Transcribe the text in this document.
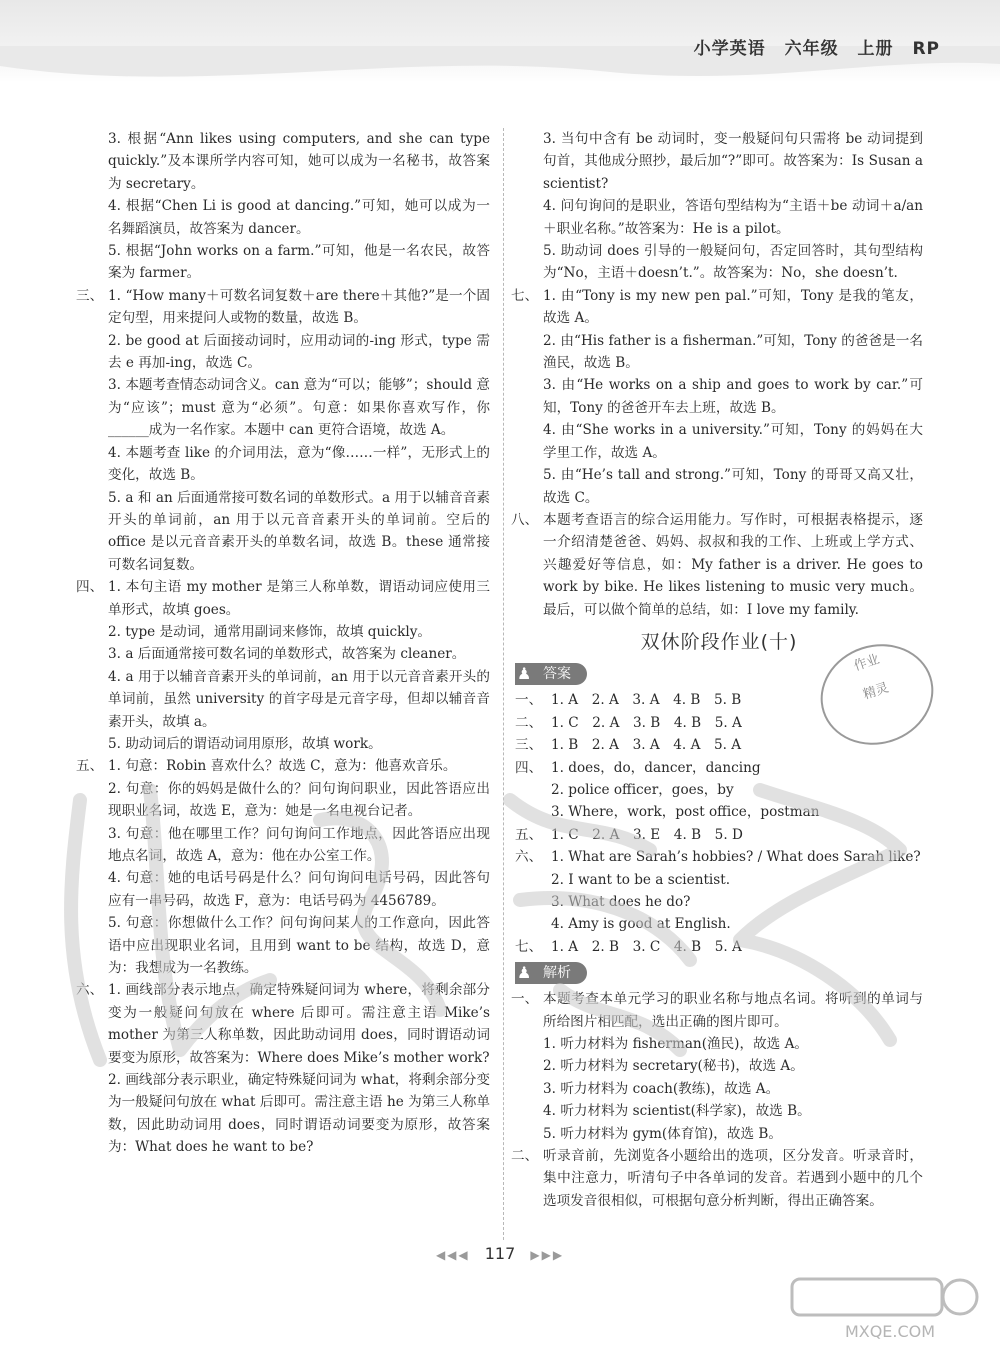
小学英语 六年级 上册 RP
3. 根据“Ann likes using computers, and she can type quickly.”及本课所学内容可知，她可以成为一名秘书，故答案为 secretary。
4. 根据“Chen Li is good at dancing.”可知，她可以成为一名舞蹈演员，故答案为 dancer。
5. 根据“John works on a farm.”可知，他是一名农民，故答案为 farmer。
三、 1. “How many＋可数名词复数＋are there＋其他?”是一个固定句型，用来提问人或物的数量，故选 B。
2. be good at 后面接动词时，应用动词的-ing 形式，type 需去 e 再加-ing，故选 C。
3. 本题考查情态动词含义。can 意为“可以；能够”；should 意为“应该”；must 意为“必须”。句意：如果你喜欢写作，你______成为一名作家。本题中 can 更符合语境，故选 A。
4. 本题考查 like 的介词用法，意为“像……一样”，无形式上的变化，故选 B。
5. a 和 an 后面通常接可数名词的单数形式。a 用于以辅音音素开头的单词前，an 用于以元音音素开头的单词前。空后的 office 是以元音音素开头的单数名词，故选 B。these 通常接可数名词复数。
四、 1. 本句主语 my mother 是第三人称单数，谓语动词应使用三单形式，故填 goes。
2. type 是动词，通常用副词来修饰，故填 quickly。
3. a 后面通常接可数名词的单数形式，故答案为 cleaner。
4. a 用于以辅音音素开头的单词前，an 用于以元音音素开头的单词前，虽然 university 的首字母是元音字母，但却以辅音音素开头，故填 a。
5. 助动词后的谓语动词用原形，故填 work。
五、 1. 句意：Robin 喜欢什么？故选 C，意为：他喜欢音乐。
2. 句意：你的妈妈是做什么的？问句询问职业，因此答语应出现职业名词，故选 E，意为：她是一名电视台记者。
3. 句意：他在哪里工作？问句询问工作地点，因此答语应出现地点名词，故选 A，意为：他在办公室工作。
4. 句意：她的电话号码是什么？问句询问电话号码，因此答句应有一串号码，故选 F，意为：电话号码为 4456789。
5. 句意：你想做什么工作？问句询问某人的工作意向，因此答语中应出现职业名词，且用到 want to be 结构，故选 D，意为：我想成为一名教练。
六、 1. 画线部分表示地点，确定特殊疑问词为 where，将剩余部分变为一般疑问句放在 where 后即可。需注意主语 Mike’s mother 为第三人称单数，因此助动词用 does，同时谓语动词要变为原形，故答案为：Where does Mike’s mother work?
2. 画线部分表示职业，确定特殊疑问词为 what，将剩余部分变为一般疑问句放在 what 后即可。需注意主语 he 为第三人称单数，因此助动词用 does，同时谓语动词要变为原形，故答案为：What does he want to be?
3. 当句中含有 be 动词时，变一般疑问句只需将 be 动词提到句首，其他成分照抄，最后加“?”即可。故答案为：Is Susan a scientist?
4. 问句询问的是职业，答语句型结构为“主语＋be 动词＋a/an＋职业名称。”故答案为：He is a pilot。
5. 助动词 does 引导的一般疑问句，否定回答时，其句型结构为“No，主语＋doesn’t.”。故答案为：No，she doesn’t.
七、 1. 由“Tony is my new pen pal.”可知，Tony 是我的笔友，故选 A。
2. 由“His father is a fisherman.”可知，Tony 的爸爸是一名渔民，故选 B。
3. 由“He works on a ship and goes to work by car.”可知，Tony 的爸爸开车去上班，故选 B。
4. 由“She works in a university.”可知，Tony 的妈妈在大学里工作，故选 A。
5. 由“He’s tall and strong.”可知，Tony 的哥哥又高又壮，故选 C。
八、 本题考查语言的综合运用能力。写作时，可根据表格提示，逐一介绍清楚爸爸、妈妈、叔叔和我的工作、上班或上学方式、兴趣爱好等信息，如：My father is a driver. He goes to work by bike. He likes listening to music very much。最后，可以做个简单的总结，如：I love my family.
双休阶段作业(十)
♟ 答案
一、 1. A　2. A　3. A　4. B　5. B
二、 1. C　2. A　3. B　4. B　5. A
三、 1. B　2. A　3. A　4. A　5. A
四、 1. does，do，dancer，dancing
2. police officer，goes，by
3. Where，work，post office，postman
五、 1. C　2. A　3. E　4. B　5. D
六、 1. What are Sarah’s hobbies? / What does Sarah like?
2. I want to be a scientist.
3. What does he do?
4. Amy is good at English.
七、 1. A　2. B　3. C　4. B　5. A
♟ 解析
一、 本题考查本单元学习的职业名称与地点名词。将听到的单词与所给图片相匹配，选出正确的图片即可。
1. 听力材料为 fisherman(渔民)，故选 A。
2. 听力材料为 secretary(秘书)，故选 A。
3. 听力材料为 coach(教练)，故选 A。
4. 听力材料为 scientist(科学家)，故选 B。
5. 听力材料为 gym(体育馆)，故选 B。
二、 听录音前，先浏览各小题给出的选项，区分发音。听录音时，集中注意力，听清句子中各单词的发音。若遇到小题中的几个选项发音很相似，可根据句意分析判断，得出正确答案。
作业
精灵
MXQE.COM
◀◀◀ 117 ▶▶▶
